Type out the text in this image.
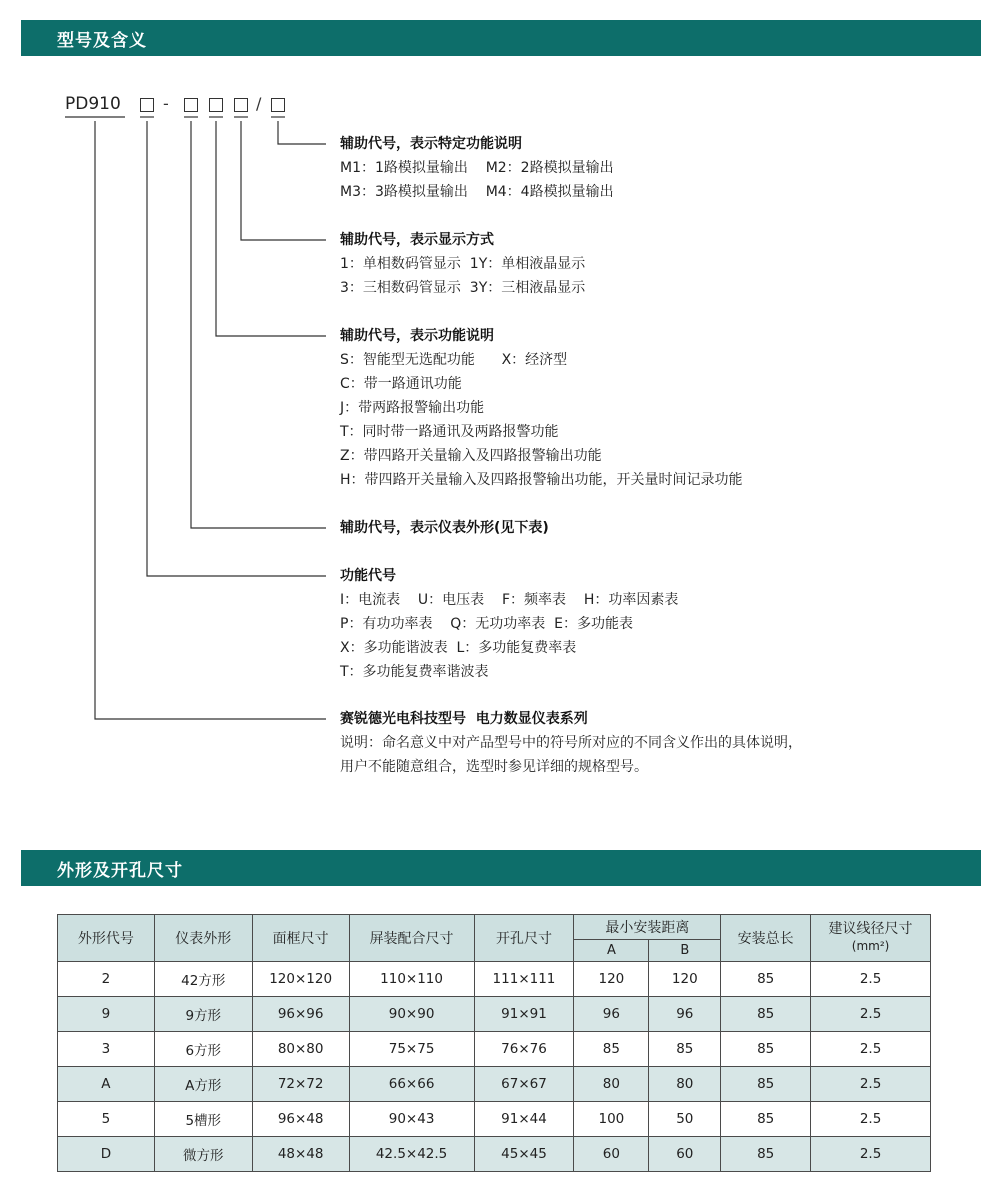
型号及含义
PD910	-	/
辅助代号，表示特定功能说明
M1：1路模拟量输出    M2：2路模拟量输出
M3：3路模拟量输出    M4：4路模拟量输出
辅助代号，表示显示方式
1：单相数码管显示  1Y：单相液晶显示
3：三相数码管显示  3Y：三相液晶显示
辅助代号，表示功能说明
S：智能型无选配功能      X：经济型
C：带一路通讯功能
J：带两路报警输出功能
T：同时带一路通讯及两路报警功能
Z：带四路开关量输入及四路报警输出功能
H：带四路开关量输入及四路报警输出功能，开关量时间记录功能
辅助代号，表示仪表外形(见下表)
功能代号
I：电流表    U：电压表    F：频率表    H：功率因素表
P：有功功率表    Q：无功功率表  E：多功能表
X：多功能谐波表  L：多功能复费率表
T：多功能复费率谐波表
赛锐德光电科技型号  电力数显仪表系列
说明：命名意义中对产品型号中的符号所对应的不同含义作出的具体说明，
用户不能随意组合，选型时参见详细的规格型号。
外形及开孔尺寸
外形代号	仪表外形	面框尺寸	屏装配合尺寸	开孔尺寸	最小安装距离		安装总长	建议线径尺寸
(mm²)

					A	B		
2	42方形	120×120	110×110	111×111	120	120	85	2.5
9	9方形	96×96	90×90	91×91	96	96	85	2.5
3	6方形	80×80	75×75	76×76	85	85	85	2.5
A	A方形	72×72	66×66	67×67	80	80	85	2.5
5	5槽形	96×48	90×43	91×44	100	50	85	2.5
D	微方形	48×48	42.5×42.5	45×45	60	60	85	2.5
